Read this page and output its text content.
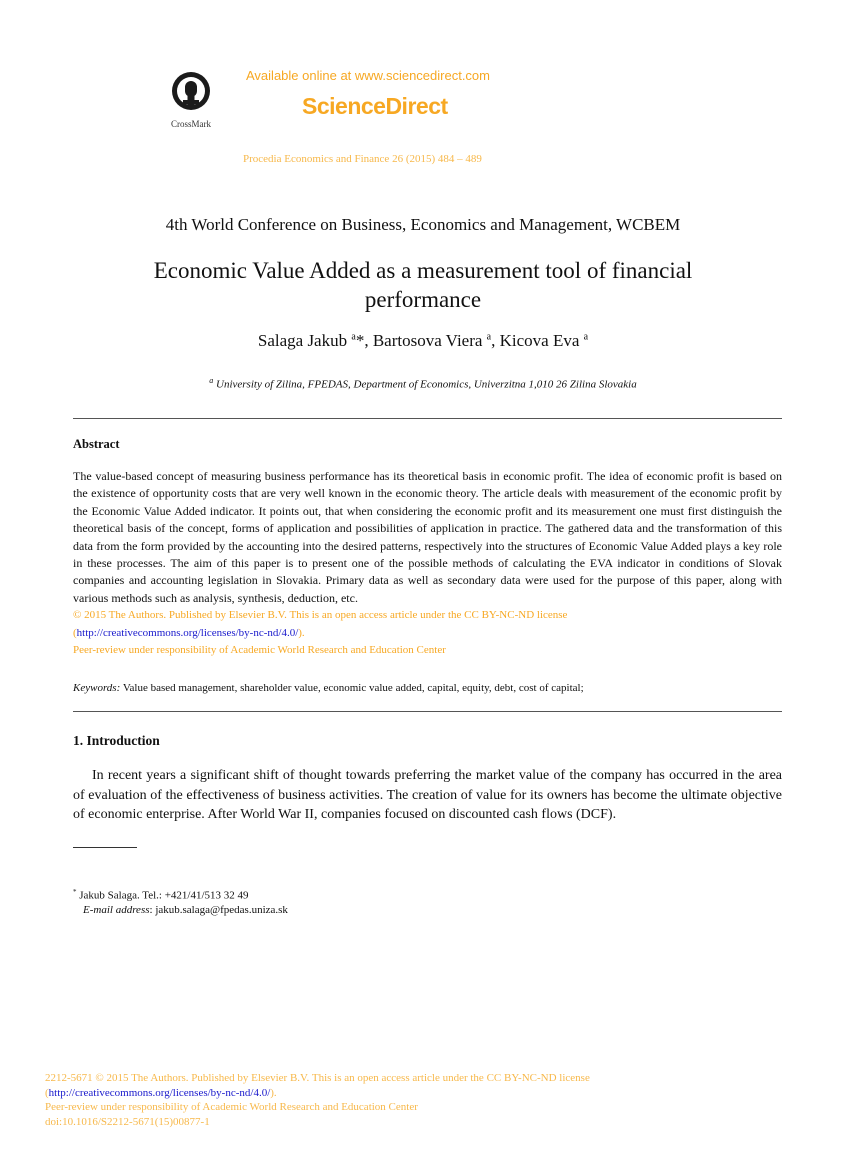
CrossMark
Available online at www.sciencedirect.com
ScienceDirect
Procedia Economics and Finance 26 (2015) 484 – 489
4th World Conference on Business, Economics and Management, WCBEM
Economic Value Added as a measurement tool of financial
performance
Salaga Jakub $^a$*, Bartosova Viera $^a$, Kicova Eva $^a$
$^a$ University of Zilina, FPEDAS, Department of Economics, Univerzitna 1,010 26 Zilina Slovakia
Abstract
The value-based concept of measuring business performance has its theoretical basis in economic profit. The idea of economic profit is based on the existence of opportunity costs that are very well known in the economic theory. The article deals with measurement of the economic profit by the Economic Value Added indicator. It points out, that when considering the economic profit and its measurement one must first distinguish the theoretical basis of the concept, forms of application and possibilities of application in practice. The gathered data and the transformation of this data from the form provided by the accounting into the desired patterns, respectively into the structures of Economic Value Added plays a key role in these processes. The aim of this paper is to present one of the possible methods of calculating the EVA indicator in conditions of Slovak companies and accounting legislation in Slovakia. Primary data as well as secondary data were used for the purpose of this paper, along with various methods such as analysis, synthesis, deduction, etc.
© 2015 The Authors. Published by Elsevier B.V. This is an open access article under the CC BY-NC-ND license
(http://creativecommons.org/licenses/by-nc-nd/4.0/).
Peer-review under responsibility of Academic World Research and Education Center
Keywords: Value based management, shareholder value, economic value added, capital, equity, debt, cost of capital;
1. Introduction

In recent years a significant shift of thought towards preferring the market value of the company has occurred in the area of evaluation of the effectiveness of business activities. The creation of value for its owners has become the ultimate objective of economic enterprise. After World War II, companies focused on discounted cash flows (DCF).

* Jakub Salaga. Tel.: +421/41/513 32 49
E-mail address: jakub.salaga@fpedas.uniza.sk
2212-5671 © 2015 The Authors. Published by Elsevier B.V. This is an open access article under the CC BY-NC-ND license
(http://creativecommons.org/licenses/by-nc-nd/4.0/).
Peer-review under responsibility of Academic World Research and Education Center
doi:10.1016/S2212-5671(15)00877-1
